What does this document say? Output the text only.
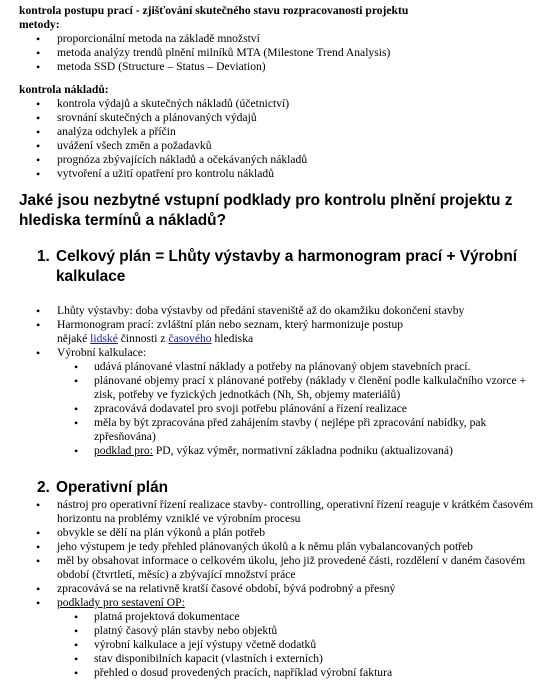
kontrola postupu prací - zjišťování skutečného stavu rozpracovanosti projektu
metody:
• proporcionální metoda na základě množství
• metoda analýzy trendů plnění milníků MTA (Milestone Trend Analysis)
• metoda SSD (Structure – Status – Deviation)
kontrola nákladů:
• kontrola výdajů a skutečných nákladů (účetnictví)
• srovnání skutečných a plánovaných výdajů
• analýza odchylek a příčin
• uvážení všech změn a požadavků
• prognóza zbývajících nákladů a očekávaných nákladů
• vytvoření a užití opatření pro kontrolu nákladů
Jaké jsou nezbytné vstupní podklady pro kontrolu plnění projektu z hlediska termínů a nákladů?
1. Celkový plán = Lhůty výstavby a harmonogram prací + Výrobní kalkulace
• Lhůty výstavby: doba výstavby od předání staveniště až do okamžiku dokončení stavby
• Harmonogram prací: zvláštní plán nebo seznam, který harmonizuje postup
nějaké lidské činnosti z časového hlediska
• Výrobní kalkulace:
• udává plánované vlastní náklady a potřeby na plánovaný objem stavebních prací.
• plánované objemy prací x plánované potřeby (náklady v členění podle kalkulačního vzorce + zisk, potřeby ve fyzických jednotkách (Nh, Sh, objemy materiálů)
• zpracovává dodavatel pro svoji potřebu plánování a řízení realizace
• měla by být zpracována před zahájením stavby ( nejlépe při zpracování nabídky, pak zpřesňována)
• podklad pro: PD, výkaz výměr, normativní základna podniku (aktualizovaná)
2. Operativní plán
• nástroj pro operativní řízení realizace stavby- controlling, operativní řízení reaguje v krátkém časovém horizontu na problémy vzniklé ve výrobním procesu
• obvykle se dělí na plán výkonů a plán potřeb
• jeho výstupem je tedy přehled plánovaných úkolů a k němu plán vybalancovaných potřeb
• měl by obsahovat informace o celkovém úkolu, jeho již provedené části, rozdělení v daném časovém období (čtvrtletí, měsíc) a zbývající množství práce
• zpracovává se na relativně kratší časové období, bývá podrobný a přesný
• podklady pro sestavení OP:
• platná projektová dokumentace
• platný časový plán stavby nebo objektů
• výrobní kalkulace a její výstupy včetně dodatků
• stav disponibilních kapacit (vlastních i externích)
• přehled o dosud provedených pracích, například výrobní faktura
